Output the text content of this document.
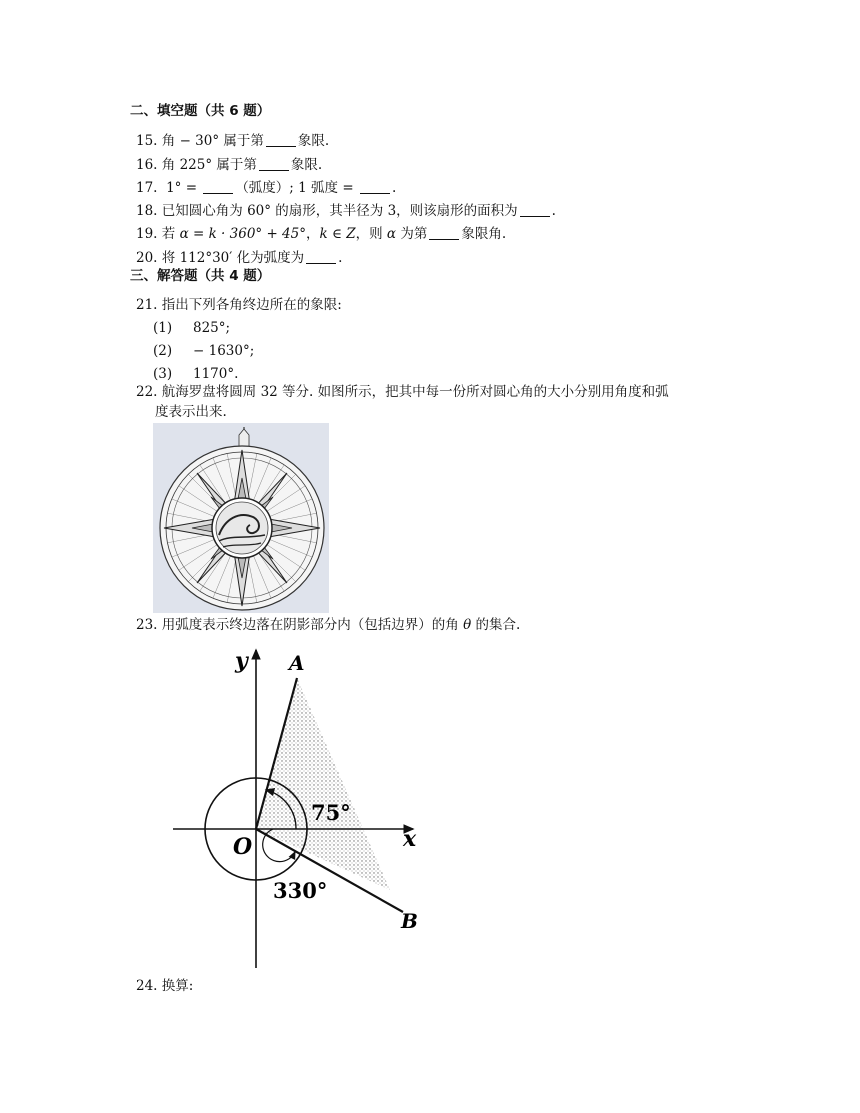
二、填空题（共 6 题）
15. 角 − 30° 属于第	象限.
16. 角 225° 属于第	象限.
17. 1° =	（弧度）; 1 弧度 =	.
18. 已知圆心角为 60° 的扇形，其半径为 3，则该扇形的面积为	.
19. 若 α = k · 360° + 45°，k ∈ Z，则 α 为第	象限角.
20. 将 112°30′ 化为弧度为	.
三、解答题（共 4 题）
21. 指出下列各角终边所在的象限:
(1) 825°;
(2) − 1630°;
(3) 1170°.
22. 航海罗盘将圆周 32 等分. 如图所示，把其中每一份所对圆心角的大小分别用角度和弧
度表示出来.
23. 用弧度表示终边落在阴影部分内（包括边界）的角 θ 的集合.
y
x
O
A
B
75°
330°
24. 换算:
